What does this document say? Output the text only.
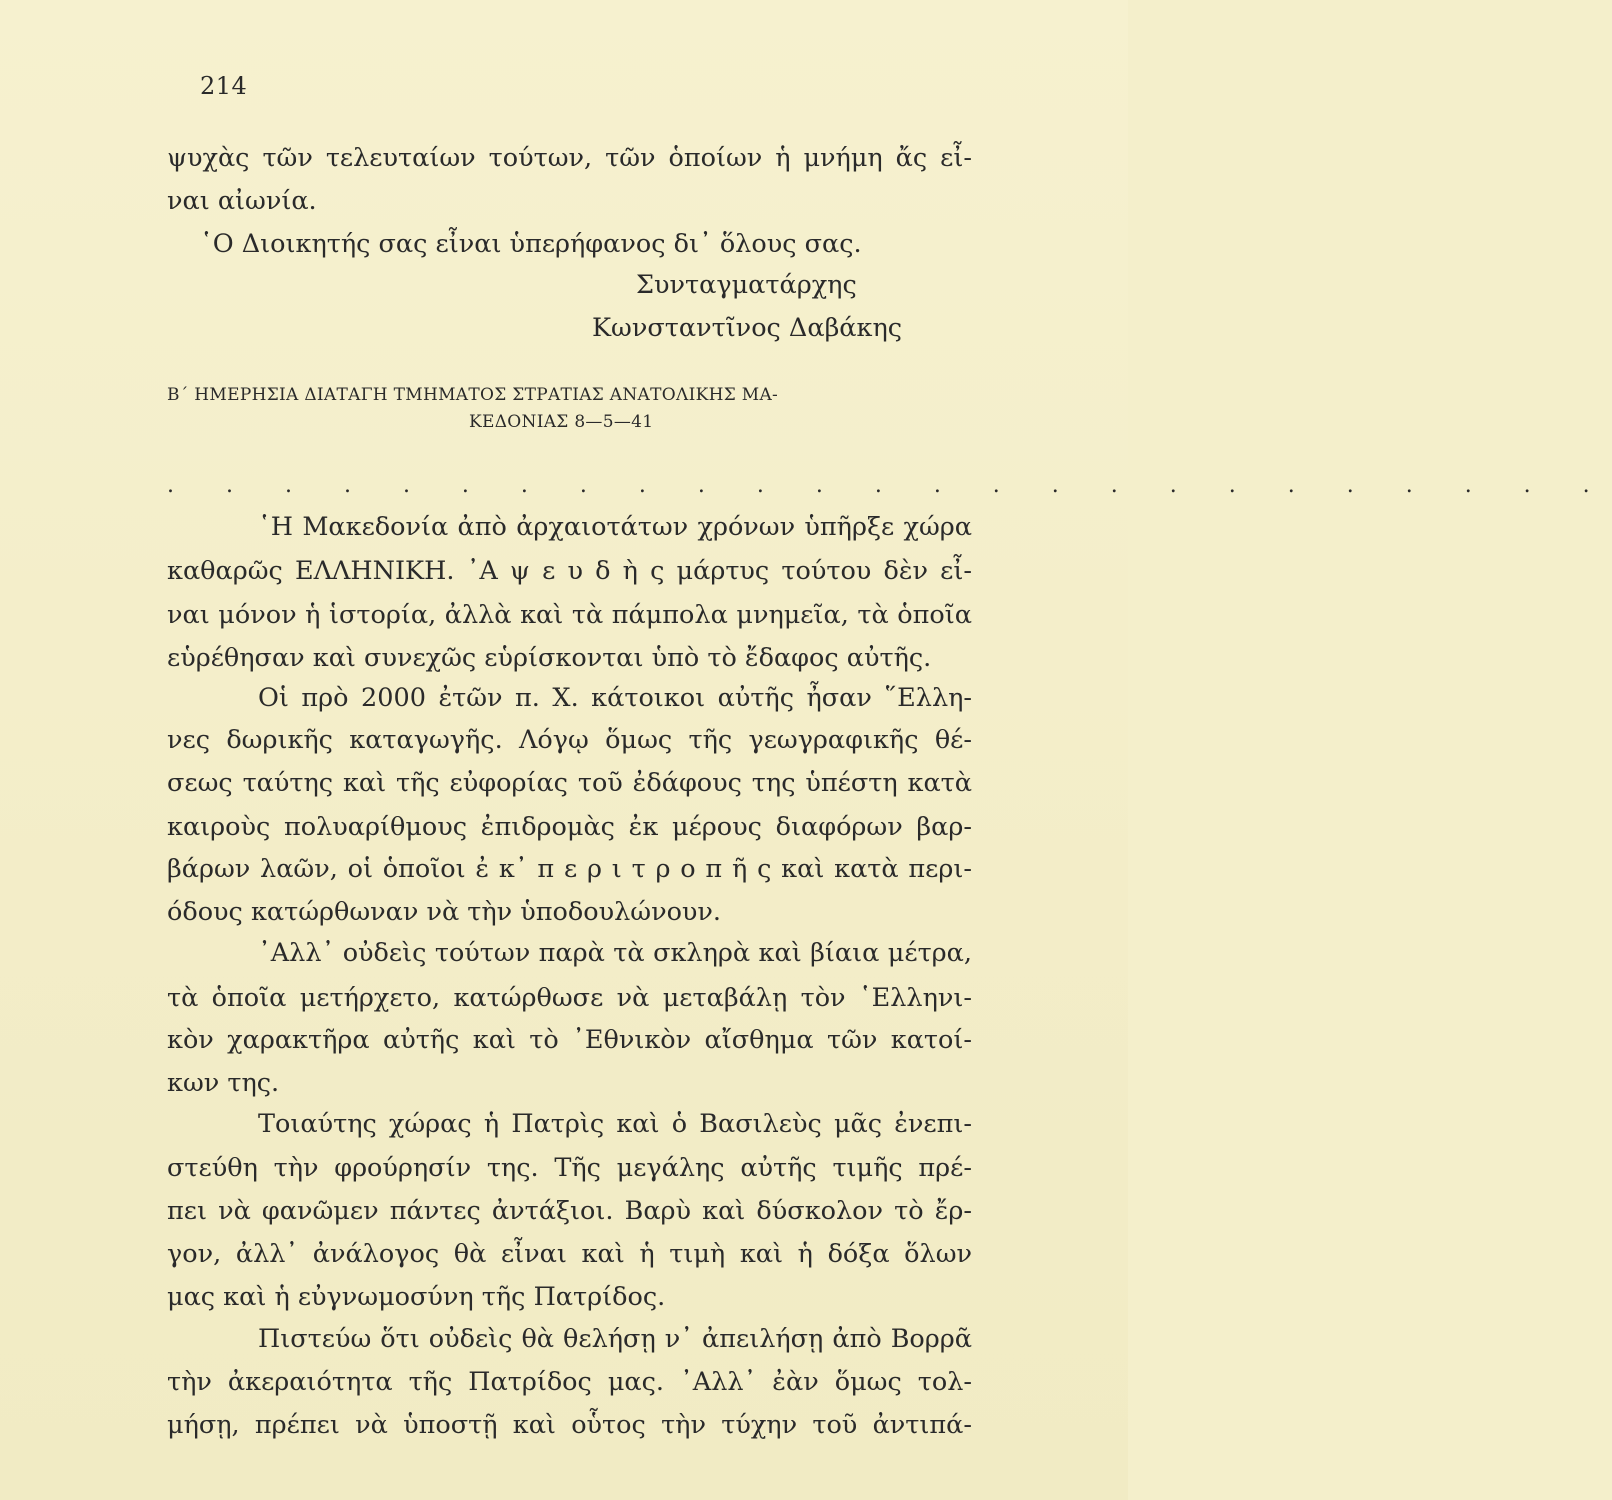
214
ψυχὰς τῶν τελευταίων τούτων, τῶν ὁποίων ἡ μνήμη ἄς εἶ-
ναι αἰωνία.
῾Ο Διοικητής σας εἶναι ὑπερήφανος δι᾽ ὅλους σας.
Συνταγματάρχης
Κωνσταντῖνος Δαβάκης
Β΄ ΗΜΕΡΗΣΙΑ ΔΙΑΤΑΓΗ ΤΜΗΜΑΤΟΣ ΣΤΡΑΤΙΑΣ ΑΝΑΤΟΛΙΚΗΣ ΜΑ-
ΚΕΔΟΝΙΑΣ 8—5—41
. . . . . . . . . . . . . . . . . . . . . . . . .
῾Η Μακεδονία ἀπὸ ἀρχαιοτάτων χρόνων ὑπῆρξε χώρα
καθαρῶς ΕΛΛΗΝΙΚΗ. ᾿Α ψ ε υ δ ὴ ς μάρτυς τούτου δὲν εἶ-
ναι μόνον ἡ ἱστορία, ἀλλὰ καὶ τὰ πάμπολα μνημεῖα, τὰ ὁποῖα
εὑρέθησαν καὶ συνεχῶς εὑρίσκονται ὑπὸ τὸ ἔδαφος αὐτῆς.
Οἱ πρὸ 2000 ἐτῶν π. Χ. κάτοικοι αὐτῆς ἦσαν ῞Ελλη-
νες δωρικῆς καταγωγῆς. Λόγῳ ὅμως τῆς γεωγραφικῆς θέ-
σεως ταύτης καὶ τῆς εὐφορίας τοῦ ἐδάφους της ὑπέστη κατὰ
καιροὺς πολυαρίθμους ἐπιδρομὰς ἐκ μέρους διαφόρων βαρ-
βάρων λαῶν, οἱ ὁποῖοι ἐ κ᾿ π ε ρ ι τ ρ ο π ῆ ς καὶ κατὰ περι-
όδους κατώρθωναν νὰ τὴν ὑποδουλώνουν.
᾿Αλλ᾽ οὐδεὶς τούτων παρὰ τὰ σκληρὰ καὶ βίαια μέτρα,
τὰ ὁποῖα μετήρχετο, κατώρθωσε νὰ μεταβάλῃ τὸν ῾Ελληνι-
κὸν χαρακτῆρα αὐτῆς καὶ τὸ ᾿Εθνικὸν αἴσθημα τῶν κατοί-
κων της.
Τοιαύτης χώρας ἡ Πατρὶς καὶ ὁ Βασιλεὺς μᾶς ἐνεπι-
στεύθη τὴν φρούρησίν της. Τῆς μεγάλης αὐτῆς τιμῆς πρέ-
πει νὰ φανῶμεν πάντες ἀντάξιοι. Βαρὺ καὶ δύσκολον τὸ ἔρ-
γον, ἀλλ᾽ ἀνάλογος θὰ εἶναι καὶ ἡ τιμὴ καὶ ἡ δόξα ὅλων
μας καὶ ἡ εὐγνωμοσύνη τῆς Πατρίδος.
Πιστεύω ὅτι οὐδεὶς θὰ θελήσῃ ν᾽ ἀπειλήσῃ ἀπὸ Βορρᾶ
τὴν ἀκεραιότητα τῆς Πατρίδος μας. ᾿Αλλ᾽ ἐὰν ὅμως τολ-
μήσῃ, πρέπει νὰ ὑποστῇ καὶ οὗτος τὴν τύχην τοῦ ἀντιπά-
